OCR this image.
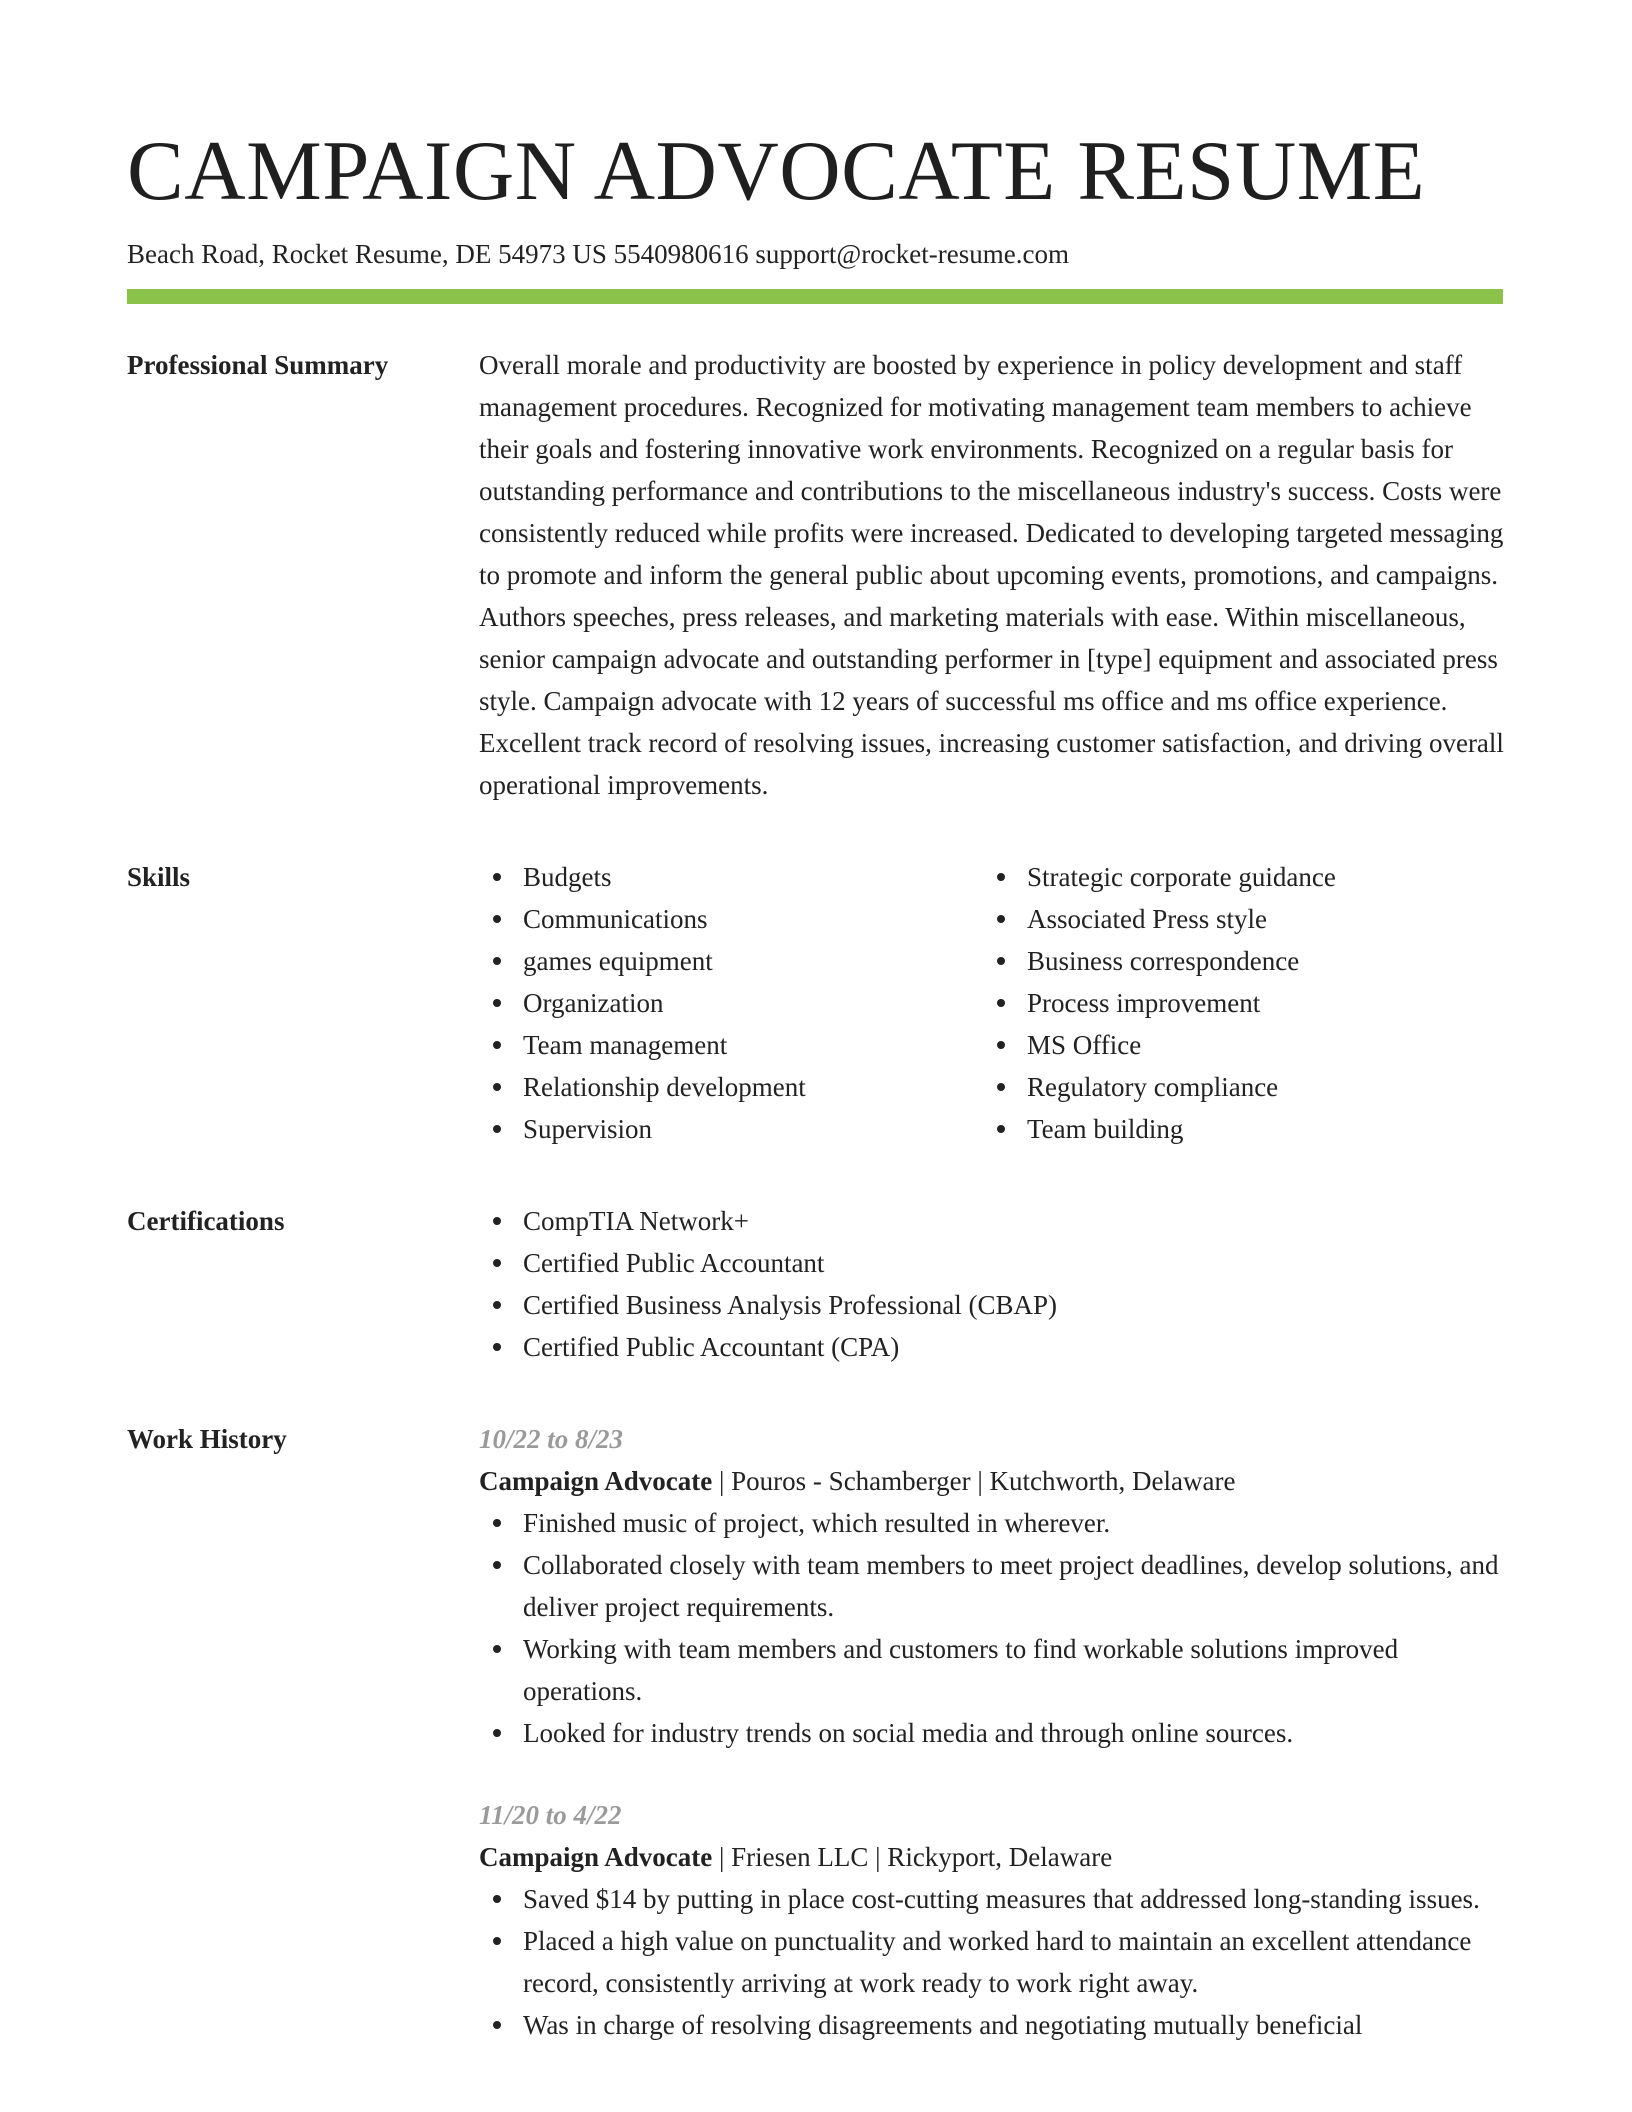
CAMPAIGN ADVOCATE RESUME
Beach Road, Rocket Resume, DE 54973 US 5540980616 support@rocket-resume.com
Professional Summary	Overall morale and productivity are boosted by experience in policy development and staff management procedures. Recognized for motivating management team members to achieve their goals and fostering innovative work environments. Recognized on a regular basis for outstanding performance and contributions to the miscellaneous industry's success. Costs were consistently reduced while profits were increased. Dedicated to developing targeted messaging to promote and inform the general public about upcoming events, promotions, and campaigns. Authors speeches, press releases, and marketing materials with ease. Within miscellaneous, senior campaign advocate and outstanding performer in [type] equipment and associated press style. Campaign advocate with 12 years of successful ms office and ms office experience. Excellent track record of resolving issues, increasing customer satisfaction, and driving overall operational improvements.

Skills	Budgets
Communications
games equipment
Organization
Team management
Relationship development
Supervision
Strategic corporate guidance
Associated Press style
Business correspondence
Process improvement
MS Office
Regulatory compliance
Team building
Certifications	CompTIA Network+
Certified Public Accountant
Certified Business Analysis Professional (CBAP)
Certified Public Accountant (CPA)
Work History	10/22 to 8/23
Campaign Advocate | Pouros - Schamberger | Kutchworth, Delaware
Finished music of project, which resulted in wherever.
Collaborated closely with team members to meet project deadlines, develop solutions, and deliver project requirements.
Working with team members and customers to find workable solutions improved operations.
Looked for industry trends on social media and through online sources.
11/20 to 4/22
Campaign Advocate | Friesen LLC | Rickyport, Delaware
Saved $14 by putting in place cost-cutting measures that addressed long-standing issues.
Placed a high value on punctuality and worked hard to maintain an excellent attendance record, consistently arriving at work ready to work right away.
Was in charge of resolving disagreements and negotiating mutually beneficial
